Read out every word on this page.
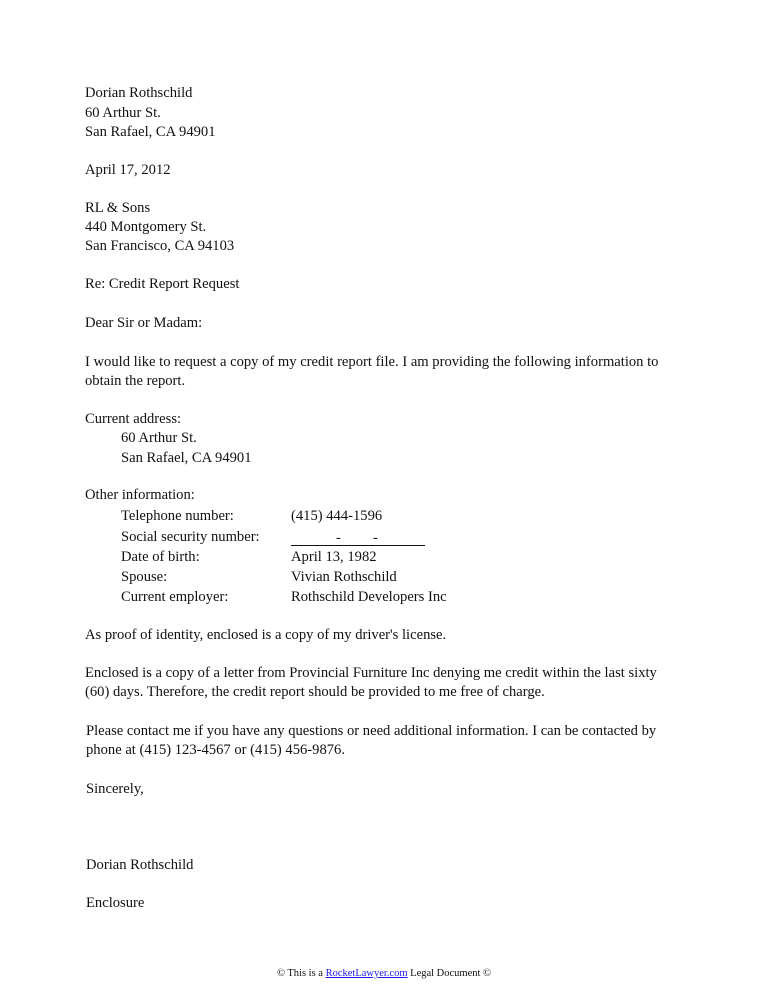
Dorian Rothschild
60 Arthur St.
San Rafael, CA 94901
April 17, 2012
RL & Sons
440 Montgomery St.
San Francisco, CA 94103
Re: Credit Report Request
Dear Sir or Madam:
I would like to request a copy of my credit report file. I am providing the following information to
obtain the report.
Current address:
60 Arthur St.
San Rafael, CA 94901
Other information:
Telephone number:	(415) 444-1596
Social security number:	- -
Date of birth:	April 13, 1982
Spouse:	Vivian Rothschild
Current employer:	Rothschild Developers Inc
As proof of identity, enclosed is a copy of my driver's license.
Enclosed is a copy of a letter from Provincial Furniture Inc denying me credit within the last sixty
(60) days. Therefore, the credit report should be provided to me free of charge.
Please contact me if you have any questions or need additional information. I can be contacted by
phone at (415) 123-4567 or (415) 456-9876.
Sincerely,
Dorian Rothschild
Enclosure
© This is a RocketLawyer.com Legal Document ©
